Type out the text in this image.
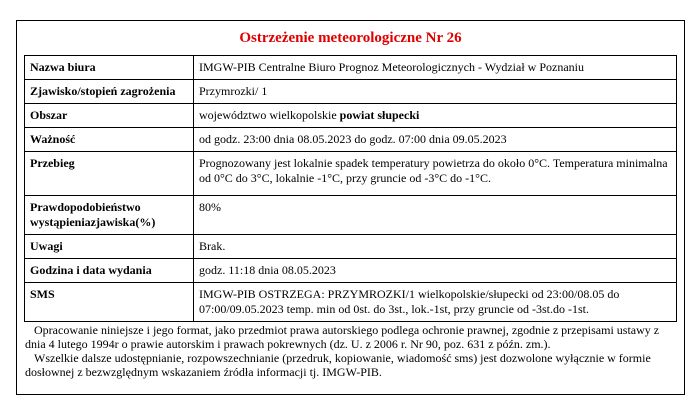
Ostrzeżenie meteorologiczne Nr 26
Nazwa biura	IMGW-PIB Centralne Biuro Prognoz Meteorologicznych - Wydział w Poznaniu
Zjawisko/stopień zagrożenia	Przymrozki/ 1
Obszar	województwo wielkopolskie powiat słupecki
Ważność	od godz. 23:00 dnia 08.05.2023 do godz. 07:00 dnia 09.05.2023
Przebieg	Prognozowany jest lokalnie spadek temperatury powietrza do około 0°C. Temperatura minimalna od 0°C do 3°C, lokalnie -1°C, przy gruncie od -3°C do -1°C.
Prawdopodobieństwo wystąpieniazjawiska(%)	80%
Uwagi	Brak.
Godzina i data wydania	godz. 11:18 dnia 08.05.2023
SMS	IMGW-PIB OSTRZEGA: PRZYMROZKI/1 wielkopolskie/słupecki od 23:00/08.05 do 07:00/09.05.2023 temp. min od 0st. do 3st., lok.-1st, przy gruncie od -3st.do -1st.

Opracowanie niniejsze i jego format, jako przedmiot prawa autorskiego podlega ochronie prawnej, zgodnie z przepisami ustawy z dnia 4 lutego 1994r o prawie autorskim i prawach pokrewnych (dz. U. z 2006 r. Nr 90, poz. 631 z późn. zm.).

Wszelkie dalsze udostępnianie, rozpowszechnianie (przedruk, kopiowanie, wiadomość sms) jest dozwolone wyłącznie w formie dosłownej z bezwzględnym wskazaniem źródła informacji tj. IMGW-PIB.
